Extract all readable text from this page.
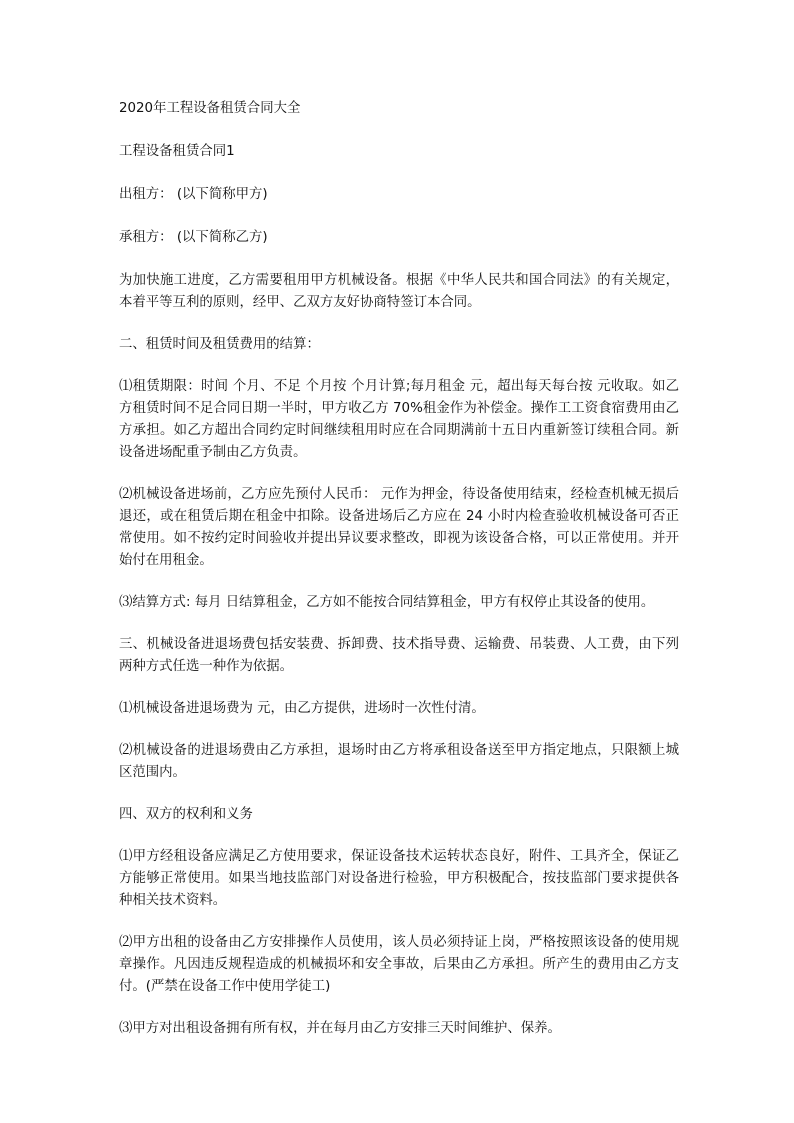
2020年工程设备租赁合同大全

工程设备租赁合同1

出租方： (以下简称甲方)

承租方： (以下简称乙方)

为加快施工进度，乙方需要租用甲方机械设备。根据《中华人民共和国合同法》的有关规定，本着平等互利的原则，经甲、乙双方友好协商特签订本合同。

二、租赁时间及租赁费用的结算：

⑴租赁期限：时间 个月、不足 个月按 个月计算;每月租金 元，超出每天每台按 元收取。如乙方租赁时间不足合同日期一半时，甲方收乙方 70%租金作为补偿金。操作工工资食宿费用由乙方承担。如乙方超出合同约定时间继续租用时应在合同期满前十五日内重新签订续租合同。新设备进场配重予制由乙方负责。

⑵机械设备进场前，乙方应先预付人民币： 元作为押金，待设备使用结束，经检查机械无损后退还，或在租赁后期在租金中扣除。设备进场后乙方应在 24 小时内检查验收机械设备可否正常使用。如不按约定时间验收并提出异议要求整改，即视为该设备合格，可以正常使用。并开始付在用租金。

⑶结算方式: 每月 日结算租金，乙方如不能按合同结算租金，甲方有权停止其设备的使用。

三、机械设备进退场费包括安装费、拆卸费、技术指导费、运输费、吊装费、人工费，由下列两种方式任选一种作为依据。

⑴机械设备进退场费为 元，由乙方提供，进场时一次性付清。

⑵机械设备的进退场费由乙方承担，退场时由乙方将承租设备送至甲方指定地点，只限额上城区范围内。

四、双方的权利和义务

⑴甲方经租设备应满足乙方使用要求，保证设备技术运转状态良好，附件、工具齐全，保证乙方能够正常使用。如果当地技监部门对设备进行检验，甲方积极配合，按技监部门要求提供各种相关技术资料。

⑵甲方出租的设备由乙方安排操作人员使用，该人员必须持证上岗，严格按照该设备的使用规章操作。凡因违反规程造成的机械损坏和安全事故，后果由乙方承担。所产生的费用由乙方支付。(严禁在设备工作中使用学徒工)

⑶甲方对出租设备拥有所有权，并在每月由乙方安排三天时间维护、保养。
